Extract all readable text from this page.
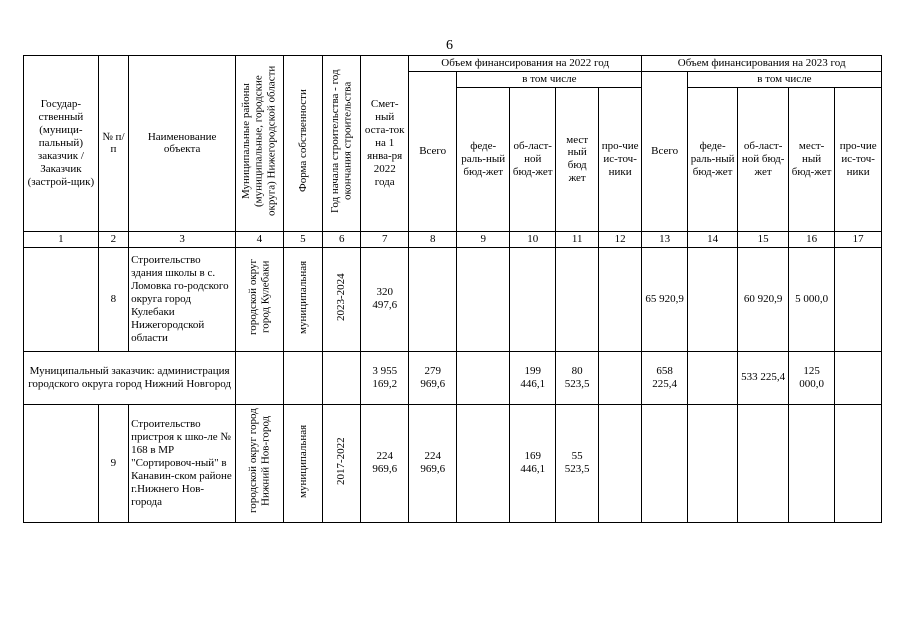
6
Государ-ственный (муници-пальный) заказчик / Заказчик (застрой-щик)	№ п/п	Наименование объекта	Муниципальные районы (муниципальные, городские округа) Нижегородской области	Форма собственности	Год начала строительства - год окончания строительства	Смет-ный оста-ток на 1 янва-ря 2022 года	Объем финансирования на 2022 год					Объем финансирования на 2023 год				
							Всего	в том числе				Всего	в том числе			
								феде-раль-ный бюд-жет	об-ласт-ной бюд-жет	мест ный бюд жет	про-чие ис-точ-ники		феде-раль-ный бюд-жет	об-ласт-ной бюд-жет	мест-ный бюд-жет	про-чие ис-точ-ники
1	2	3	4	5	6	7	8	9	10	11	12	13	14	15	16	17
	8	Строительство здания школы в с. Ломовка го-родского округа город Кулебаки Нижегородской области	городской округ город Кулебаки	муниципальная	2023-2024	320 497,6						65 920,9		60 920,9	5 000,0	
Муниципальный заказчик: администрация городского округа город Нижний Новгород						3 955 169,2	279 969,6		199 446,1	80 523,5		658 225,4		533 225,4	125 000,0	
	9	Строительство пристроя к шко-ле № 168 в МР "Сортировоч-ный" в Канавин-ском районе г.Нижнего Нов-города	городской округ город Нижний Нов-город	муниципальная	2017-2022	224 969,6	224 969,6		169 446,1	55 523,5						
